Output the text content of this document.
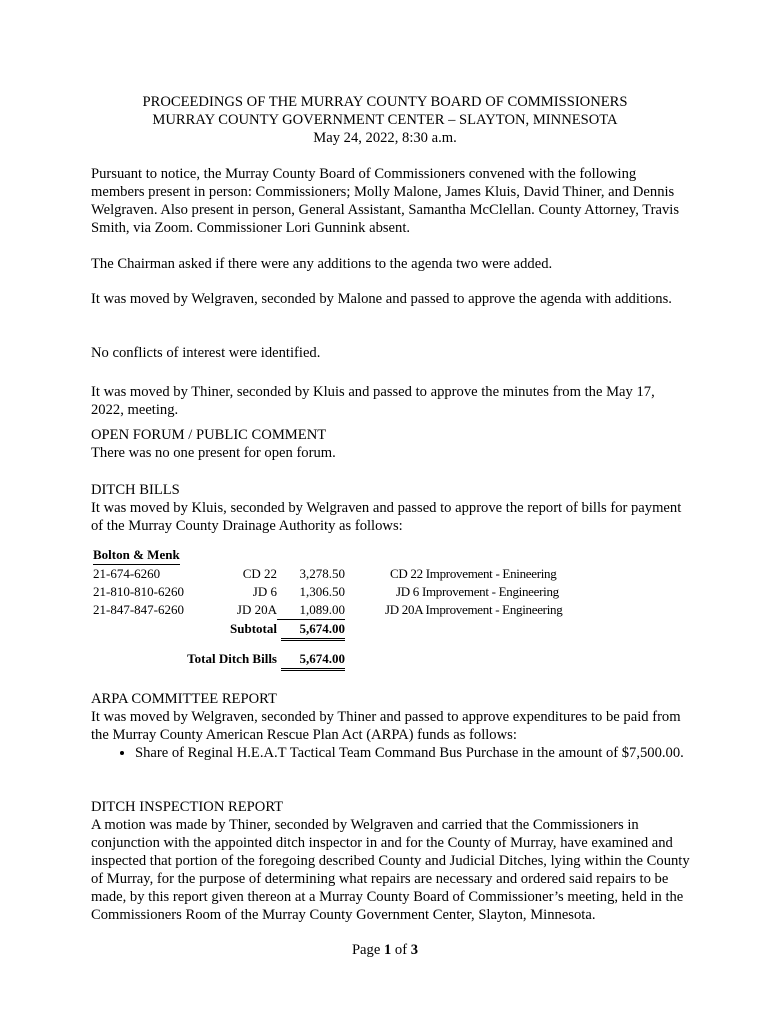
PROCEEDINGS OF THE MURRAY COUNTY BOARD OF COMMISSIONERS
MURRAY COUNTY GOVERNMENT CENTER – SLAYTON, MINNESOTA
May 24, 2022, 8:30 a.m.

Pursuant to notice, the Murray County Board of Commissioners convened with the following members present in person: Commissioners; Molly Malone, James Kluis, David Thiner, and Dennis Welgraven. Also present in person, General Assistant, Samantha McClellan. County Attorney, Travis Smith, via Zoom. Commissioner Lori Gunnink absent.

The Chairman asked if there were any additions to the agenda two were added.

It was moved by Welgraven, seconded by Malone and passed to approve the agenda with additions.

No conflicts of interest were identified.

It was moved by Thiner, seconded by Kluis and passed to approve the minutes from the May 17, 2022, meeting.

OPEN FORUM / PUBLIC COMMENT
There was no one present for open forum.
DITCH BILLS
It was moved by Kluis, seconded by Welgraven and passed to approve the report of bills for payment of the Murray County Drainage Authority as follows:
Bolton & Menk
21-674-6260	CD 22	3,278.50	CD 22 Improvement - Enineering
21-810-810-6260	JD 6	1,306.50	JD 6 Improvement - Engineering
21-847-847-6260	JD 20A	1,089.00	JD 20A Improvement - Engineering
Subtotal	5,674.00
Total Ditch Bills	5,674.00
ARPA COMMITTEE REPORT
It was moved by Welgraven, seconded by Thiner and passed to approve expenditures to be paid from the Murray County American Rescue Plan Act (ARPA) funds as follows:
• Share of Reginal H.E.A.T Tactical Team Command Bus Purchase in the amount of $7,500.00.
DITCH INSPECTION REPORT
A motion was made by Thiner, seconded by Welgraven and carried that the Commissioners in conjunction with the appointed ditch inspector in and for the County of Murray, have examined and inspected that portion of the foregoing described County and Judicial Ditches, lying within the County of Murray, for the purpose of determining what repairs are necessary and ordered said repairs to be made, by this report given thereon at a Murray County Board of Commissioner’s meeting, held in the Commissioners Room of the Murray County Government Center, Slayton, Minnesota.
Page 1 of 3
